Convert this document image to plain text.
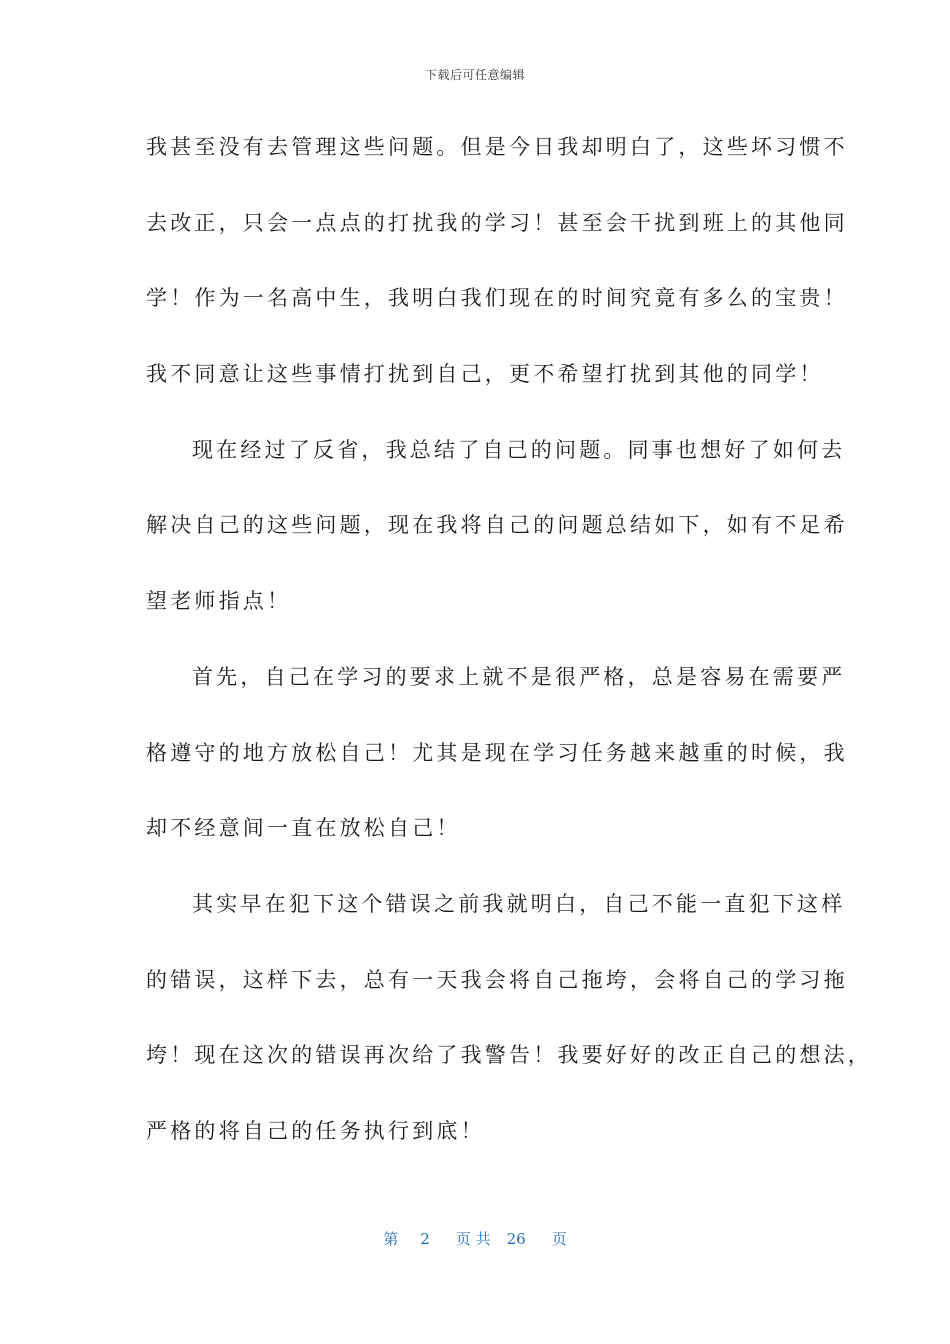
下载后可任意编辑
我甚至没有去管理这些问题。但是今日我却明白了，这些坏习惯不
去改正，只会一点点的打扰我的学习！甚至会干扰到班上的其他同
学！作为一名高中生，我明白我们现在的时间究竟有多么的宝贵！
我不同意让这些事情打扰到自己，更不希望打扰到其他的同学！
现在经过了反省，我总结了自己的问题。同事也想好了如何去
解决自己的这些问题，现在我将自己的问题总结如下，如有不足希
望老师指点！
首先，自己在学习的要求上就不是很严格，总是容易在需要严
格遵守的地方放松自己！尤其是现在学习任务越来越重的时候，我
却不经意间一直在放松自己！
其实早在犯下这个错误之前我就明白，自己不能一直犯下这样
的错误，这样下去，总有一天我会将自己拖垮，会将自己的学习拖
垮！现在这次的错误再次给了我警告！我要好好的改正自己的想法，
严格的将自己的任务执行到底！
第 2 页 共 26 页
